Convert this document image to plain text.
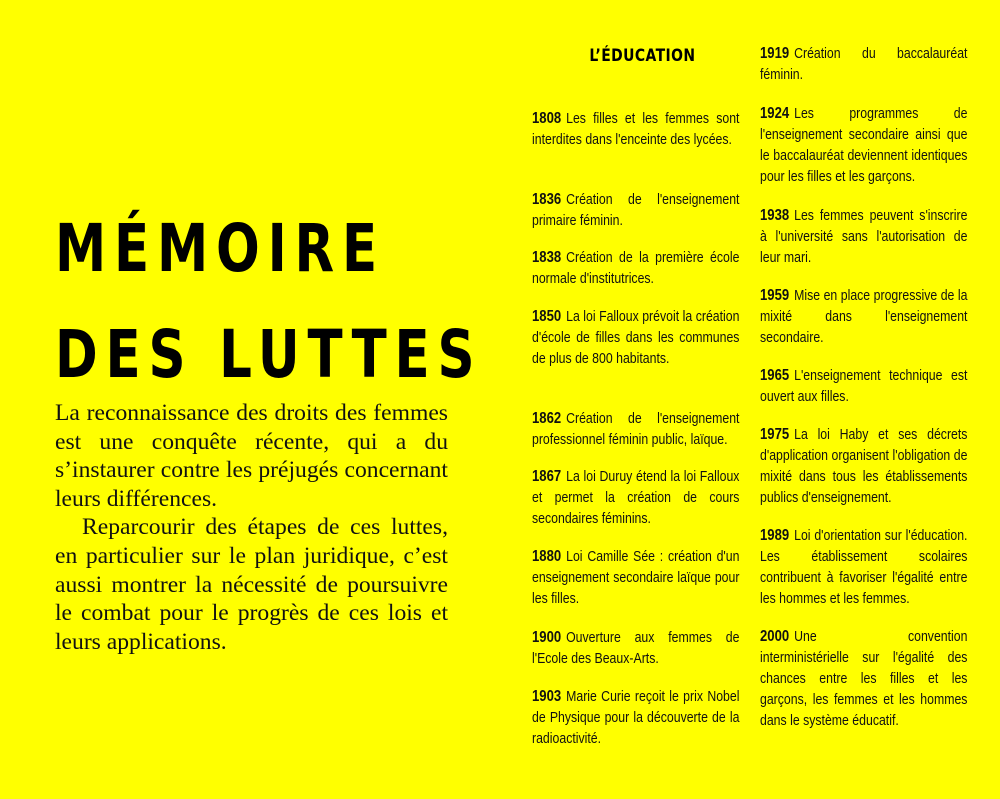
MÉMOIRE
DES LUTTES

La reconnaissance des droits des femmes est une conquête récente, qui a du s’instaurer contre les préjugés concernant leurs différences.

Reparcourir des étapes de ces luttes, en particulier sur le plan juridique, c’est aussi montrer la nécessité de poursuivre le combat pour le progrès de ces lois et leurs applications.

L’ÉDUCATION
1808 Les filles et les femmes sont interdites dans l'enceinte des lycées.
1836 Création de l'enseignement primaire féminin.
1838 Création de la première école normale d'institutrices.
1850 La loi Falloux prévoit la création d'école de filles dans les communes de plus de 800 habitants.
1862 Création de l'enseignement professionnel féminin public, laïque.
1867 La loi Duruy étend la loi Falloux et permet la création de cours secondaires féminins.
1880 Loi Camille Sée : création d'un enseignement secondaire laïque pour les filles.
1900 Ouverture aux femmes de l'Ecole des Beaux-Arts.
1903 Marie Curie reçoit le prix Nobel de Physique pour la découverte de la radioactivité.
1919 Création du baccalauréat féminin.
1924 Les programmes de l'enseignement secondaire ainsi que le baccalauréat deviennent identiques pour les filles et les garçons.
1938 Les femmes peuvent s'inscrire à l'université sans l'autorisation de leur mari.
1959 Mise en place progressive de la mixité dans l'enseignement secondaire.
1965 L'enseignement technique est ouvert aux filles.
1975 La loi Haby et ses décrets d'application organisent l'obligation de mixité dans tous les établissements publics d'enseignement.
1989 Loi d'orientation sur l'éducation. Les établissement scolaires contribuent à favoriser l'égalité entre les hommes et les femmes.
2000 Une convention interministérielle sur l'égalité des chances entre les filles et les garçons, les femmes et les hommes dans le système éducatif.
